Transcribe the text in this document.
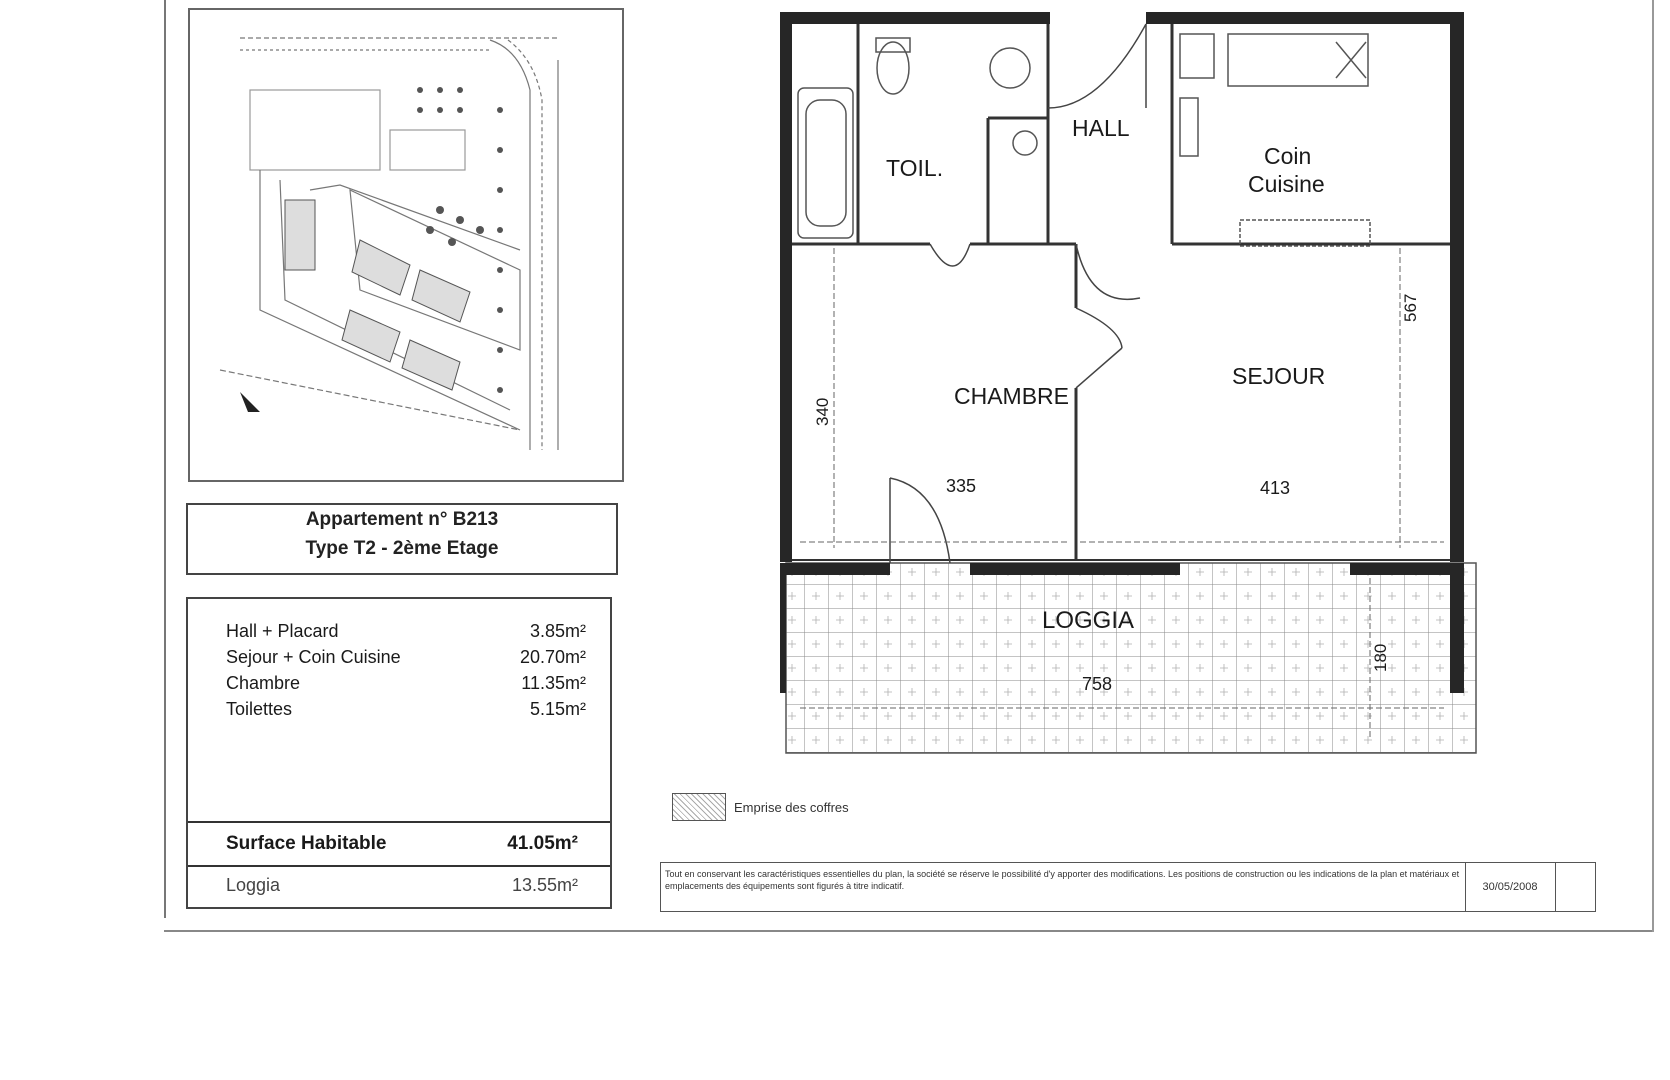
Appartement n° B213
Type T2 - 2ème Etage
Hall + Placard	3.85m²
Sejour + Coin Cuisine	20.70m²
Chambre	11.35m²
Toilettes	5.15m²
Surface Habitable	41.05m²
Loggia	13.55m²
TOIL.
HALL
Coin
Cuisine
CHAMBRE
SEJOUR
LOGGIA
340
335	413
567
758
180
Emprise des coffres
Tout en conservant les caractéristiques essentielles du plan, la société se réserve le possibilité d'y apporter des modifications. Les positions de construction ou les indications de la plan et matériaux et emplacements des équipements sont figurés à titre indicatif.	30/05/2008
